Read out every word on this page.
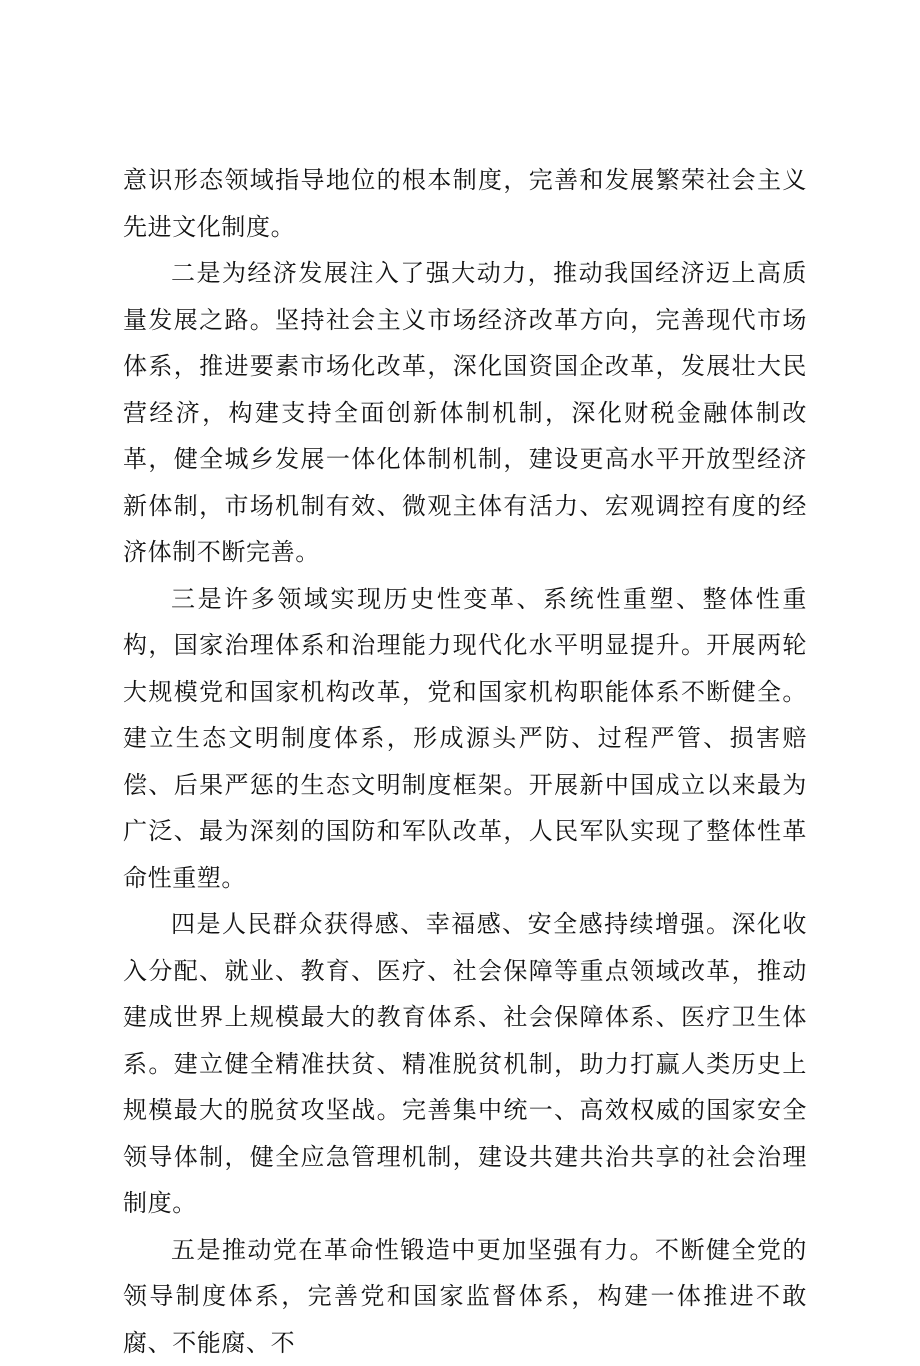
意识形态领域指导地位的根本制度，完善和发展繁荣社会主义先进文化制度。

二是为经济发展注入了强大动力，推动我国经济迈上高质量发展之路。坚持社会主义市场经济改革方向，完善现代市场体系，推进要素市场化改革，深化国资国企改革，发展壮大民营经济，构建支持全面创新体制机制，深化财税金融体制改革，健全城乡发展一体化体制机制，建设更高水平开放型经济新体制，市场机制有效、微观主体有活力、宏观调控有度的经济体制不断完善。

三是许多领域实现历史性变革、系统性重塑、整体性重构，国家治理体系和治理能力现代化水平明显提升。开展两轮大规模党和国家机构改革，党和国家机构职能体系不断健全。建立生态文明制度体系，形成源头严防、过程严管、损害赔偿、后果严惩的生态文明制度框架。开展新中国成立以来最为广泛、最为深刻的国防和军队改革，人民军队实现了整体性革命性重塑。

四是人民群众获得感、幸福感、安全感持续增强。深化收入分配、就业、教育、医疗、社会保障等重点领域改革，推动建成世界上规模最大的教育体系、社会保障体系、医疗卫生体系。建立健全精准扶贫、精准脱贫机制，助力打赢人类历史上规模最大的脱贫攻坚战。完善集中统一、高效权威的国家安全领导体制，健全应急管理机制，建设共建共治共享的社会治理制度。

五是推动党在革命性锻造中更加坚强有力。不断健全党的领导制度体系，完善党和国家监督体系，构建一体推进不敢腐、不能腐、不
